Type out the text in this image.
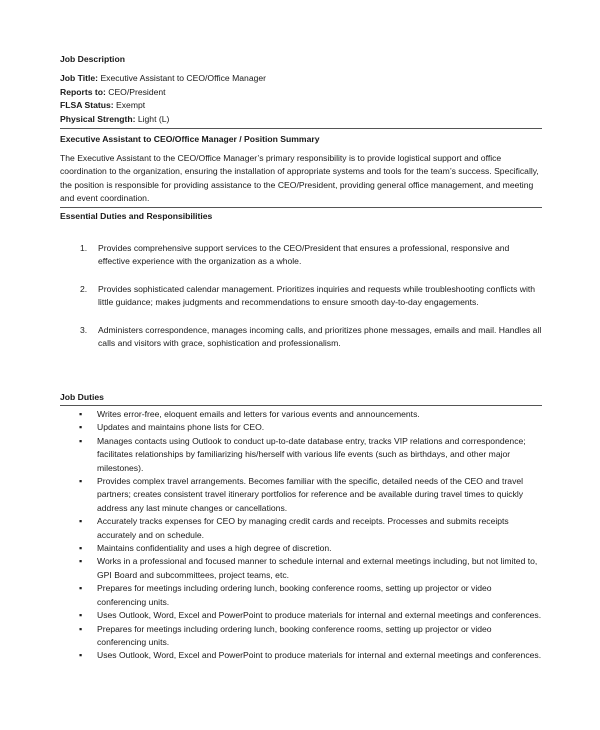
Job Description
Job Title: Executive Assistant to CEO/Office Manager
Reports to: CEO/President
FLSA Status: Exempt
Physical Strength: Light (L)
Executive Assistant to CEO/Office Manager / Position Summary
The Executive Assistant to the CEO/Office Manager’s primary responsibility is to provide logistical support and office coordination to the organization, ensuring the installation of appropriate systems and tools for the team’s success. Specifically, the position is responsible for providing assistance to the CEO/President, providing general office management, and meeting and event coordination.
Essential Duties and Responsibilities
1. Provides comprehensive support services to the CEO/President that ensures a professional, responsive and effective experience with the organization as a whole.
2. Provides sophisticated calendar management. Prioritizes inquiries and requests while troubleshooting conflicts with little guidance; makes judgments and recommendations to ensure smooth day-to-day engagements.
3. Administers correspondence, manages incoming calls, and prioritizes phone messages, emails and mail. Handles all calls and visitors with grace, sophistication and professionalism.
Job Duties
▪ Writes error-free, eloquent emails and letters for various events and announcements.
▪ Updates and maintains phone lists for CEO.
▪ Manages contacts using Outlook to conduct up-to-date database entry, tracks VIP relations and correspondence; facilitates relationships by familiarizing his/herself with various life events (such as birthdays, and other major milestones).
▪ Provides complex travel arrangements. Becomes familiar with the specific, detailed needs of the CEO and travel partners; creates consistent travel itinerary portfolios for reference and be available during travel times to quickly address any last minute changes or cancellations.
▪ Accurately tracks expenses for CEO by managing credit cards and receipts. Processes and submits receipts accurately and on schedule.
▪ Maintains confidentiality and uses a high degree of discretion.
▪ Works in a professional and focused manner to schedule internal and external meetings including, but not limited to, GPI Board and subcommittees, project teams, etc.
▪ Prepares for meetings including ordering lunch, booking conference rooms, setting up projector or video conferencing units.
▪ Uses Outlook, Word, Excel and PowerPoint to produce materials for internal and external meetings and conferences.
▪ Prepares for meetings including ordering lunch, booking conference rooms, setting up projector or video conferencing units.
▪ Uses Outlook, Word, Excel and PowerPoint to produce materials for internal and external meetings and conferences.
